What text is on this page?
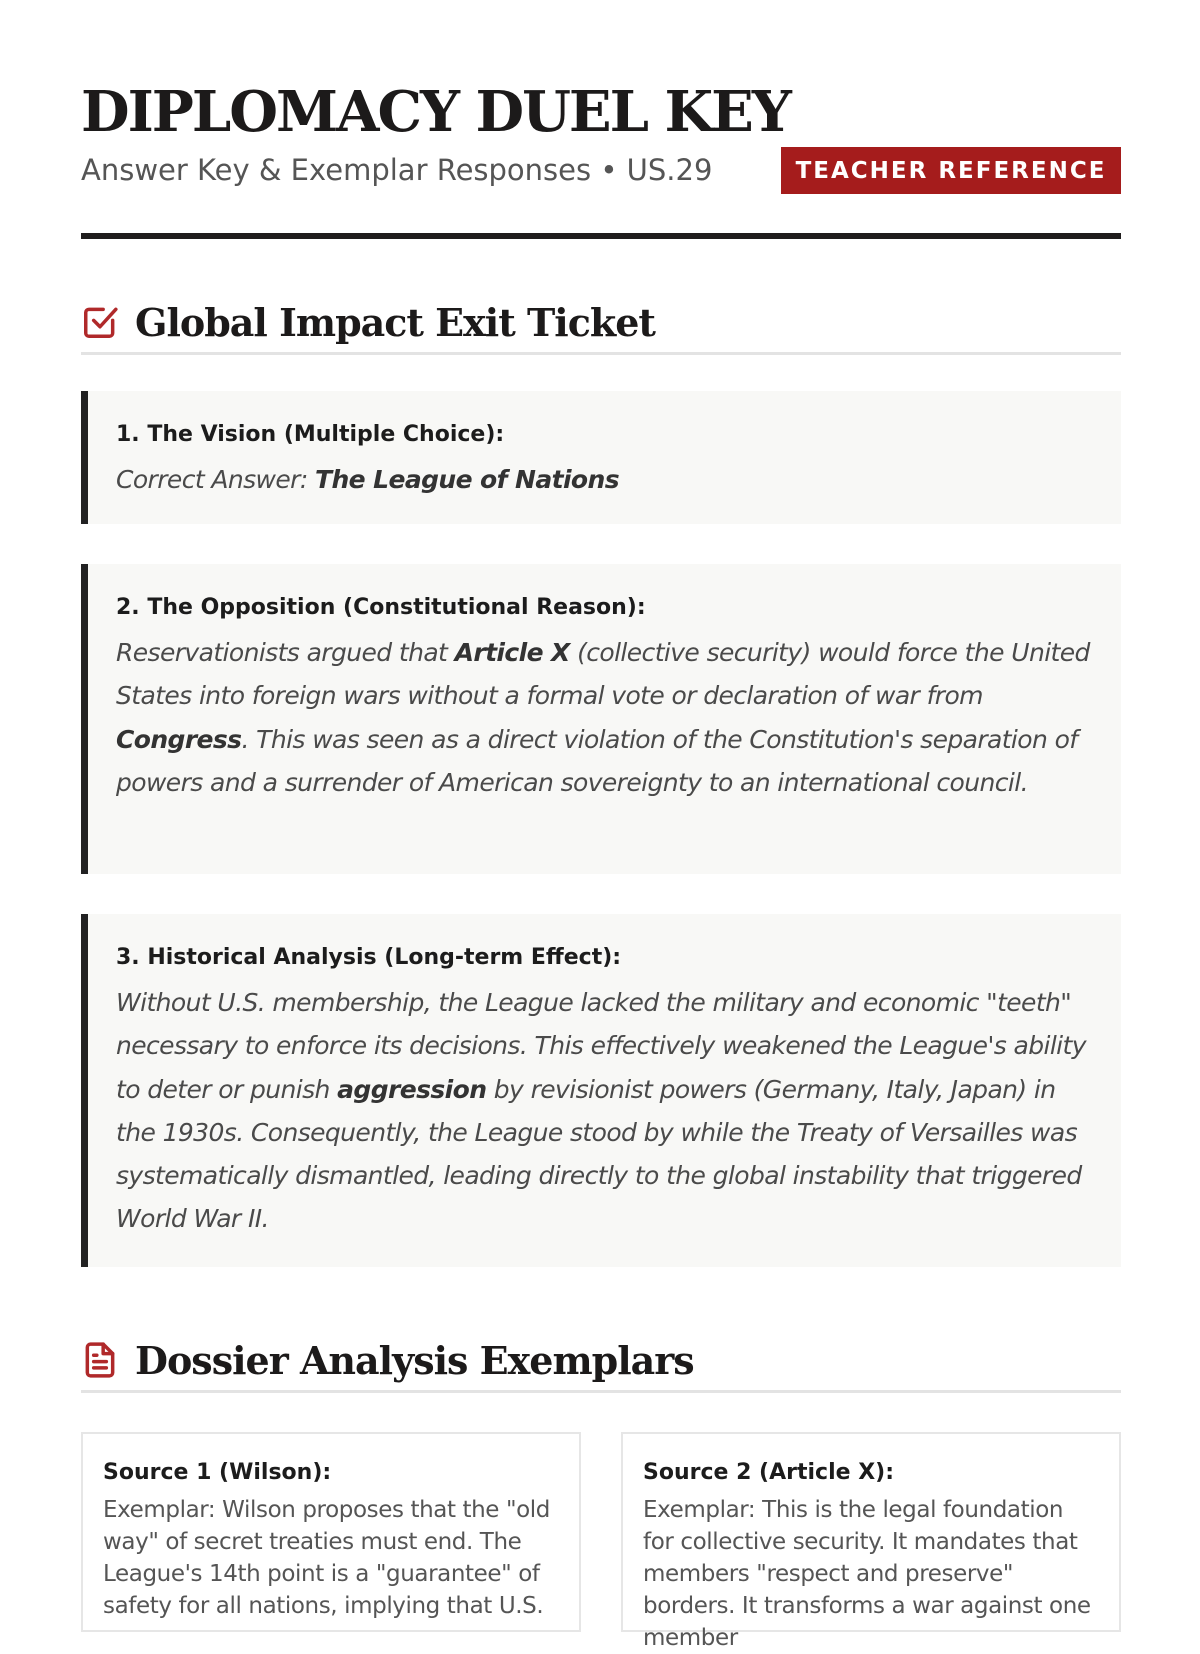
DIPLOMACY DUEL KEY

Answer Key & Exemplar Responses • US.29	TEACHER REFERENCE
Global Impact Exit Ticket
1. The Vision (Multiple Choice):
Correct Answer: The League of Nations
2. The Opposition (Constitutional Reason):
Reservationists argued that Article X (collective security) would force the United States into foreign wars without a formal vote or declaration of war from Congress. This was seen as a direct violation of the Constitution's separation of powers and a surrender of American sovereignty to an international council.
3. Historical Analysis (Long-term Effect):
Without U.S. membership, the League lacked the military and economic "teeth" necessary to enforce its decisions. This effectively weakened the League's ability to deter or punish aggression by revisionist powers (Germany, Italy, Japan) in the 1930s. Consequently, the League stood by while the Treaty of Versailles was systematically dismantled, leading directly to the global instability that triggered World War II.
Dossier Analysis Exemplars
Source 1 (Wilson):
Exemplar: Wilson proposes that the "old way" of secret treaties must end. The League's 14th point is a "guarantee" of safety for all nations, implying that U.S.
Source 2 (Article X):
Exemplar: This is the legal foundation for collective security. It mandates that members "respect and preserve" borders. It transforms a war against one member
